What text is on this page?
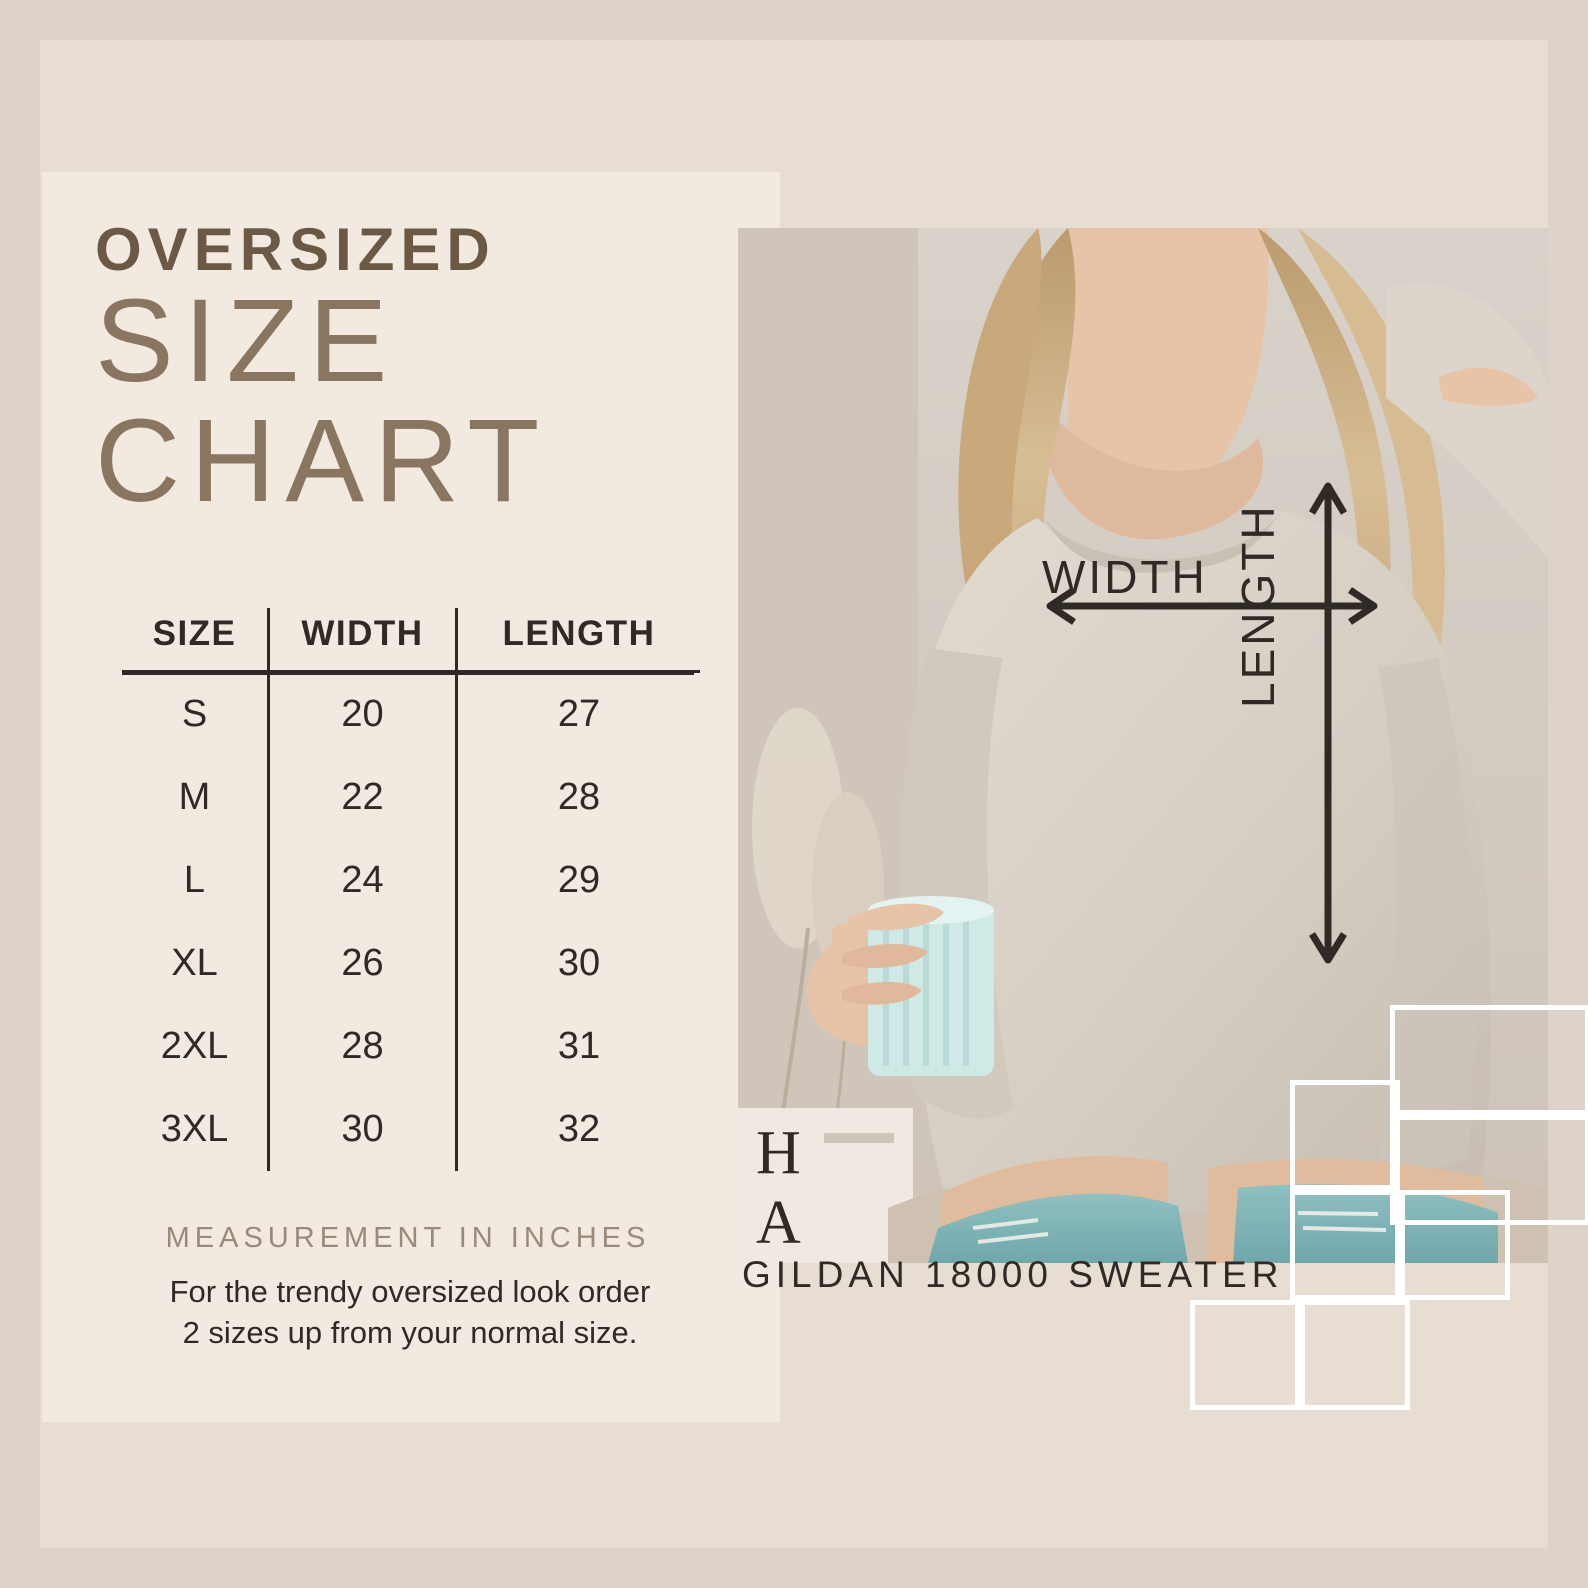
OVERSIZED
SIZE
CHART
SIZE	WIDTH	LENGTH
S	20	27
M	22	28
L	24	29
XL	26	30
2XL	28	31
3XL	30	32
MEASUREMENT IN INCHES
For the trendy oversized look order
2 sizes up from your normal size.
H
A
WIDTH LENGTH
GILDAN 18000 SWEATER
